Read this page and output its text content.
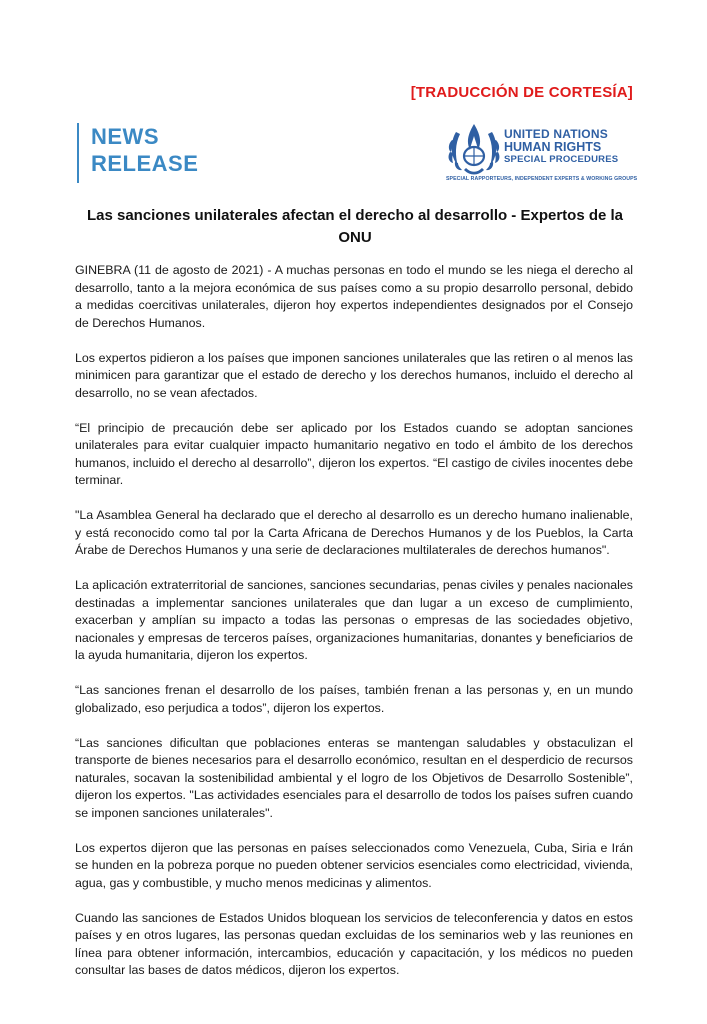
[TRADUCCIÓN DE CORTESÍA]
NEWS
RELEASE
UNITED NATIONS
HUMAN RIGHTS
SPECIAL PROCEDURES
SPECIAL RAPPORTEURS, INDEPENDENT EXPERTS & WORKING GROUPS
Las sanciones unilaterales afectan el derecho al desarrollo - Expertos de la ONU

GINEBRA (11 de agosto de 2021) - A muchas personas en todo el mundo se les niega el derecho al desarrollo, tanto a la mejora económica de sus países como a su propio desarrollo personal, debido a medidas coercitivas unilaterales, dijeron hoy expertos independientes designados por el Consejo de Derechos Humanos.

Los expertos pidieron a los países que imponen sanciones unilaterales que las retiren o al menos las minimicen para garantizar que el estado de derecho y los derechos humanos, incluido el derecho al desarrollo, no se vean afectados.

“El principio de precaución debe ser aplicado por los Estados cuando se adoptan sanciones unilaterales para evitar cualquier impacto humanitario negativo en todo el ámbito de los derechos humanos, incluido el derecho al desarrollo”, dijeron los expertos. “El castigo de civiles inocentes debe terminar.

"La Asamblea General ha declarado que el derecho al desarrollo es un derecho humano inalienable, y está reconocido como tal por la Carta Africana de Derechos Humanos y de los Pueblos, la Carta Árabe de Derechos Humanos y una serie de declaraciones multilaterales de derechos humanos".

La aplicación extraterritorial de sanciones, sanciones secundarias, penas civiles y penales nacionales destinadas a implementar sanciones unilaterales que dan lugar a un exceso de cumplimiento, exacerban y amplían su impacto a todas las personas o empresas de las sociedades objetivo, nacionales y empresas de terceros países, organizaciones humanitarias, donantes y beneficiarios de la ayuda humanitaria, dijeron los expertos.

“Las sanciones frenan el desarrollo de los países, también frenan a las personas y, en un mundo globalizado, eso perjudica a todos”, dijeron los expertos.

“Las sanciones dificultan que poblaciones enteras se mantengan saludables y obstaculizan el transporte de bienes necesarios para el desarrollo económico, resultan en el desperdicio de recursos naturales, socavan la sostenibilidad ambiental y el logro de los Objetivos de Desarrollo Sostenible”, dijeron los expertos. "Las actividades esenciales para el desarrollo de todos los países sufren cuando se imponen sanciones unilaterales".

Los expertos dijeron que las personas en países seleccionados como Venezuela, Cuba, Siria e Irán se hunden en la pobreza porque no pueden obtener servicios esenciales como electricidad, vivienda, agua, gas y combustible, y mucho menos medicinas y alimentos.

Cuando las sanciones de Estados Unidos bloquean los servicios de teleconferencia y datos en estos países y en otros lugares, las personas quedan excluidas de los seminarios web y las reuniones en línea para obtener información, intercambios, educación y capacitación, y los médicos no pueden consultar las bases de datos médicos, dijeron los expertos.
